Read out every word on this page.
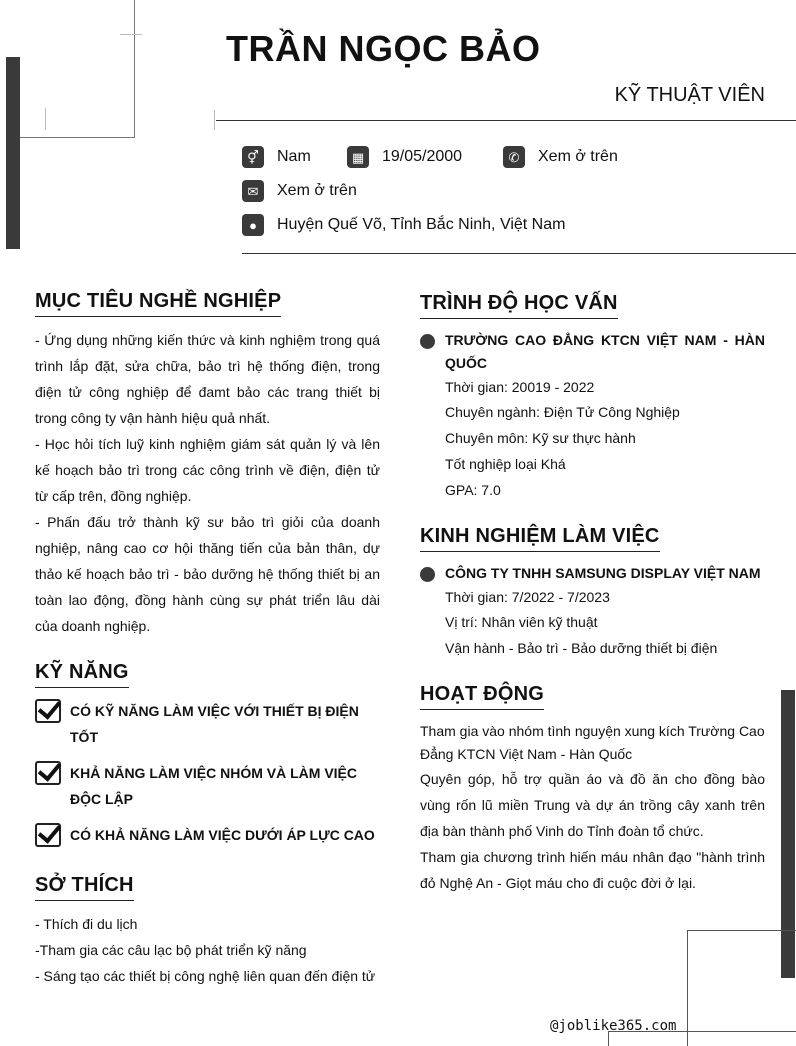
TRẦN NGỌC BẢO
KỸ THUẬT VIÊN
⚥	Nam	▦	19/05/2000	✆	Xem ở trên
✉	Xem ở trên
●	Huyện Quế Võ, Tỉnh Bắc Ninh, Việt Nam
MỤC TIÊU NGHỀ NGHIỆP
- Ứng dụng những kiến thức và kinh nghiệm trong quá trình lắp đặt, sửa chữa, bảo trì hệ thống điện, trong điện tử công nghiệp để đamt bảo các trang thiết bị trong công ty vận hành hiệu quả nhất.
- Học hỏi tích luỹ kinh nghiệm giám sát quản lý và lên kế hoạch bảo trì trong các công trình về điện, điện tử từ cấp trên, đồng nghiệp.
- Phấn đấu trở thành kỹ sư bảo trì giỏi của doanh nghiệp, nâng cao cơ hội thăng tiến của bản thân, dự thảo kế hoạch bảo trì - bảo dưỡng hệ thống thiết bị an toàn lao động, đồng hành cùng sự phát triển lâu dài của doanh nghiệp.
KỸ NĂNG
CÓ KỸ NĂNG LÀM VIỆC VỚI THIẾT BỊ ĐIỆN TỐT
KHẢ NĂNG LÀM VIỆC NHÓM VÀ LÀM VIỆC ĐỘC LẬP
CÓ KHẢ NĂNG LÀM VIỆC DƯỚI ÁP LỰC CAO
SỞ THÍCH
- Thích đi du lịch
-Tham gia các câu lạc bộ phát triển kỹ năng
- Sáng tạo các thiết bị công nghệ liên quan đến điện tử
TRÌNH ĐỘ HỌC VẤN
TRƯỜNG CAO ĐẲNG KTCN VIỆT NAM - HÀN QUỐC
Thời gian: 20019 - 2022
Chuyên ngành: Điện Tử Công Nghiệp
Chuyên môn: Kỹ sư thực hành
Tốt nghiệp loại Khá
GPA: 7.0
KINH NGHIỆM LÀM VIỆC
CÔNG TY TNHH SAMSUNG DISPLAY VIỆT NAM
Thời gian: 7/2022 - 7/2023
Vị trí: Nhân viên kỹ thuật
Vận hành - Bảo trì - Bảo dưỡng thiết bị điện
HOẠT ĐỘNG
Tham gia vào nhóm tình nguyện xung kích Trường Cao Đẳng KTCN Việt Nam - Hàn Quốc
Quyên góp, hỗ trợ quần áo và đồ ăn cho đồng bào vùng rốn lũ miền Trung và dự án trồng cây xanh trên địa bàn thành phố Vinh do Tỉnh đoàn tổ chức.
Tham gia chương trình hiến máu nhân đạo "hành trình đỏ Nghệ An - Giọt máu cho đi cuộc đời ở lại.
@joblike365.com
